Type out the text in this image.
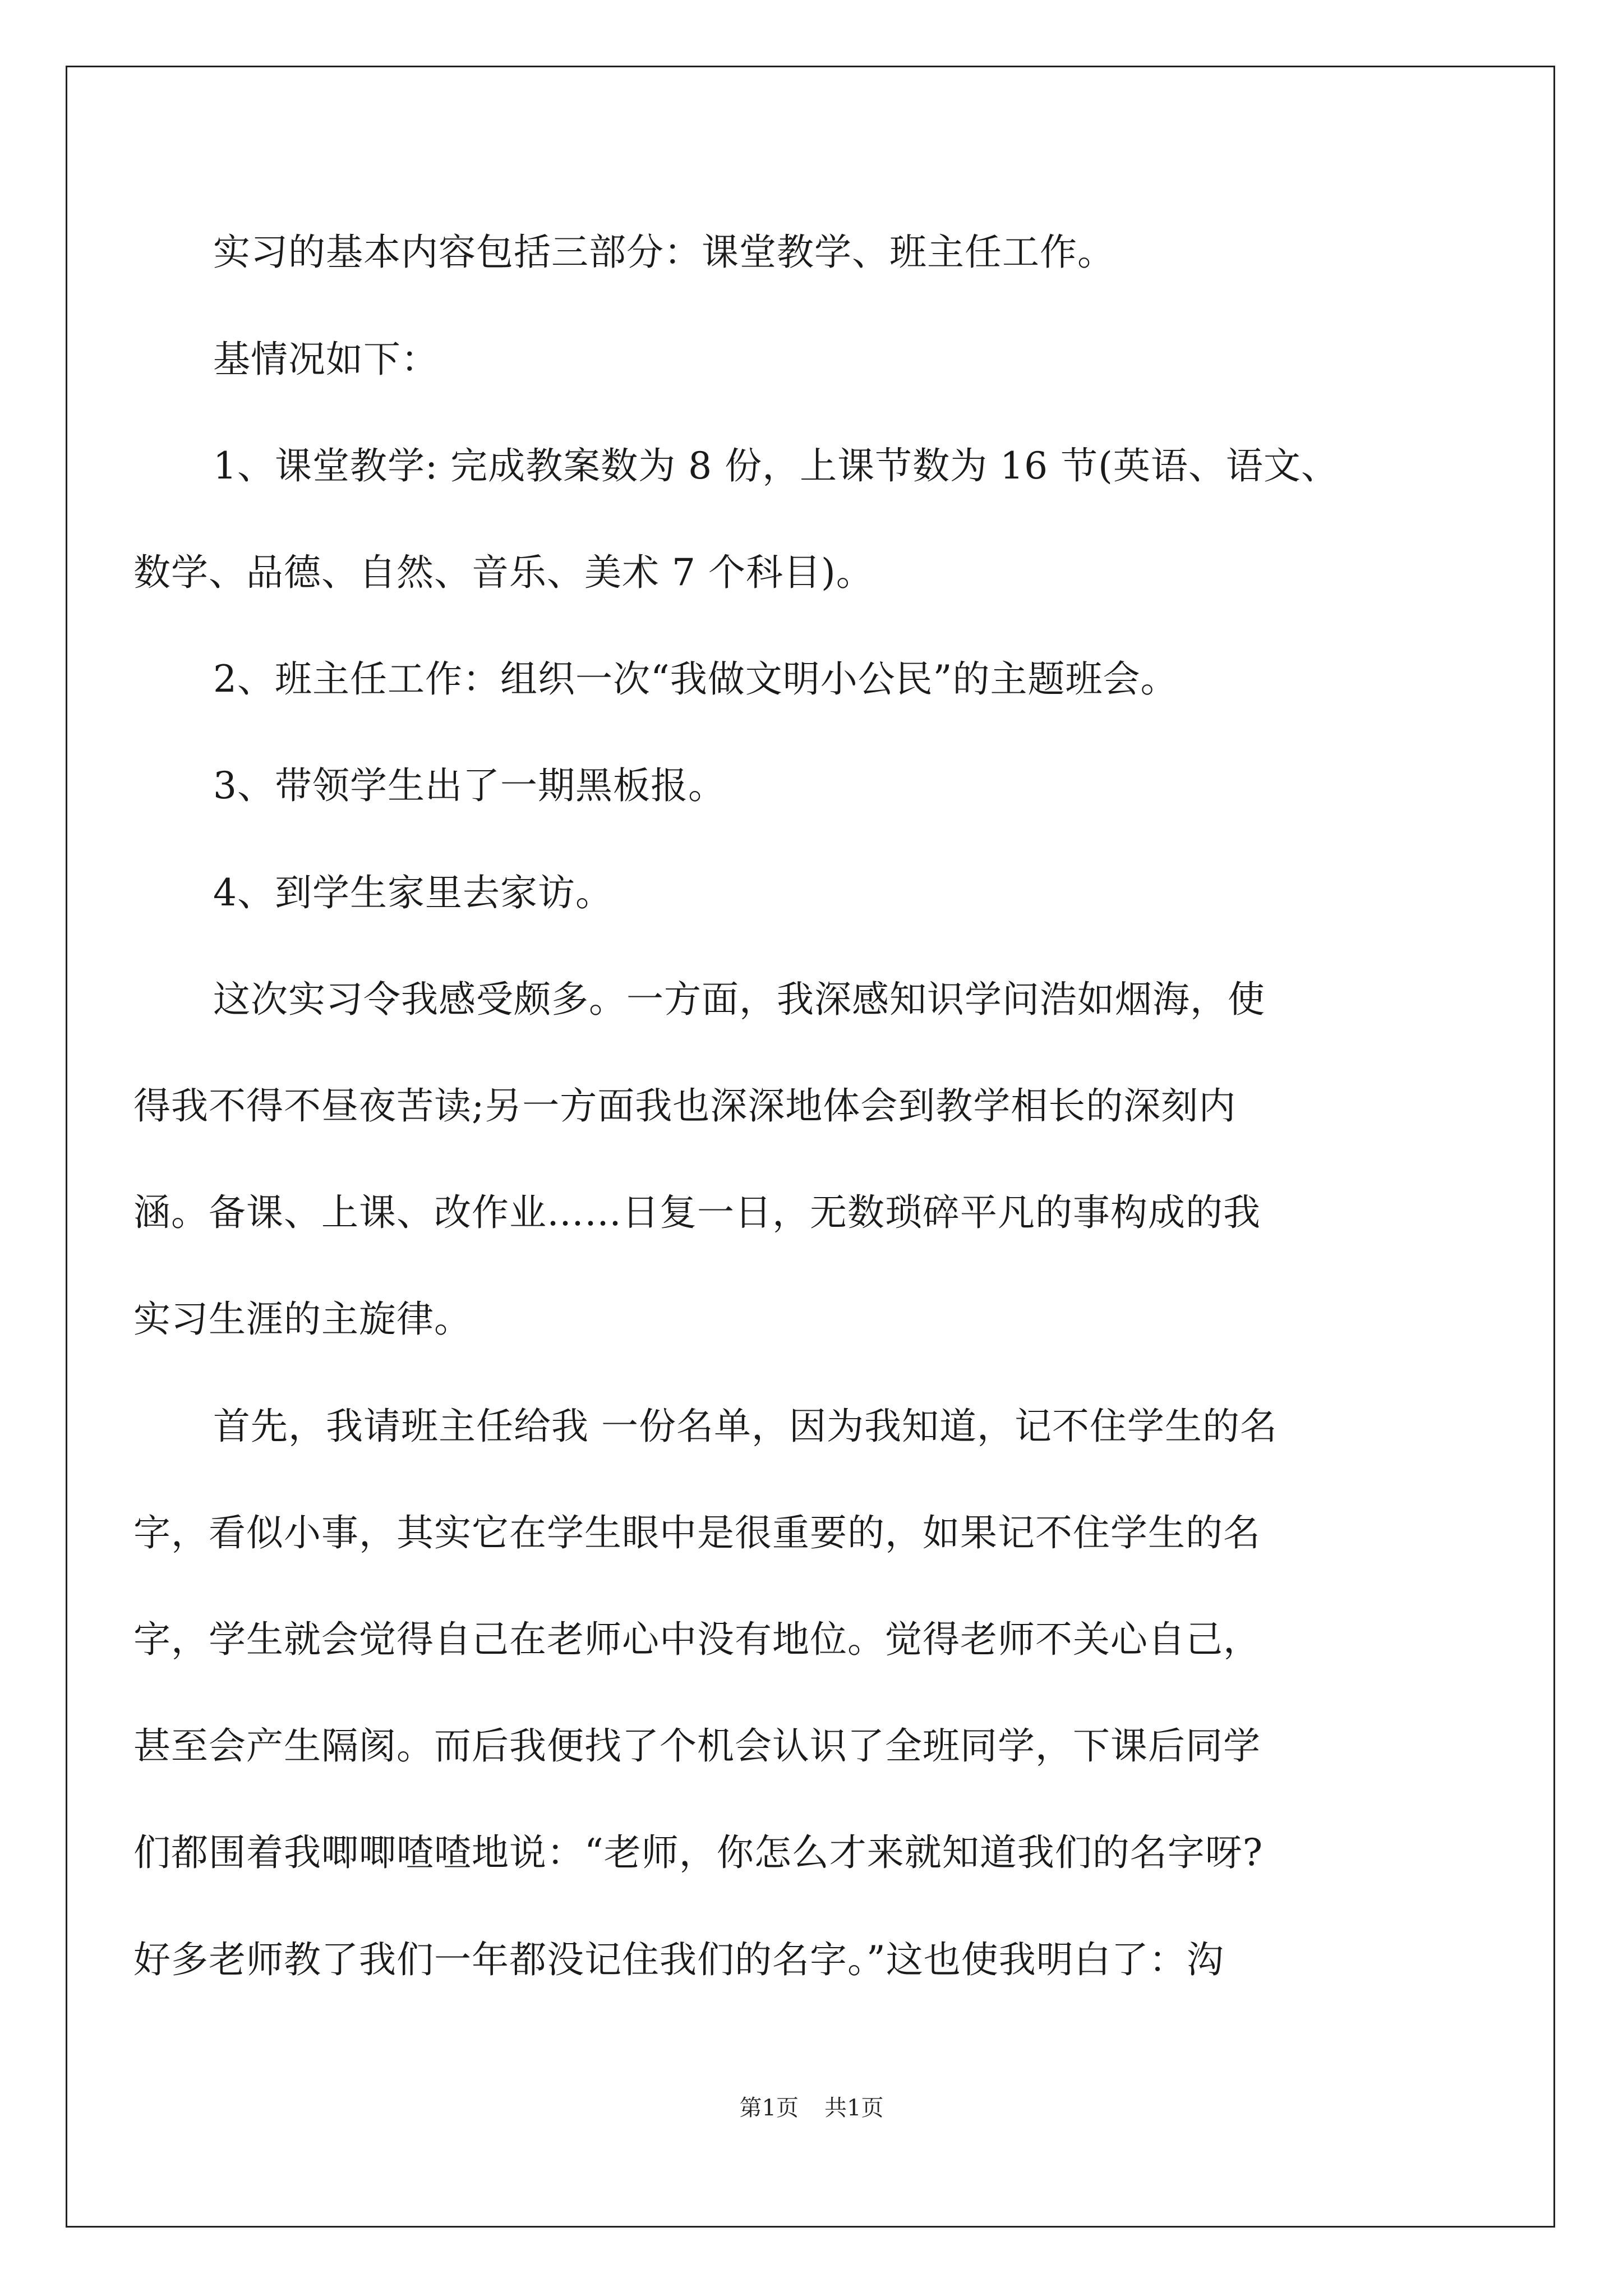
实习的基本内容包括三部分：课堂教学、班主任工作。
基情况如下：
1、课堂教学: 完成教案数为 8 份，上课节数为 16 节(英语、语文、
数学、品德、自然、音乐、美术 7 个科目)。
2、班主任工作：组织一次“我做文明小公民”的主题班会。
3、带领学生出了一期黑板报。
4、到学生家里去家访。
这次实习令我感受颇多。一方面，我深感知识学问浩如烟海，使
得我不得不昼夜苦读;另一方面我也深深地体会到教学相长的深刻内
涵。备课、上课、改作业……日复一日，无数琐碎平凡的事构成的我
实习生涯的主旋律。
首先，我请班主任给我 一份名单，因为我知道，记不住学生的名
字，看似小事，其实它在学生眼中是很重要的，如果记不住学生的名
字，学生就会觉得自己在老师心中没有地位。觉得老师不关心自己，
甚至会产生隔阂。而后我便找了个机会认识了全班同学，下课后同学
们都围着我唧唧喳喳地说：“老师，你怎么才来就知道我们的名字呀?
好多老师教了我们一年都没记住我们的名字。”这也使我明白了：沟
第1页 共1页
